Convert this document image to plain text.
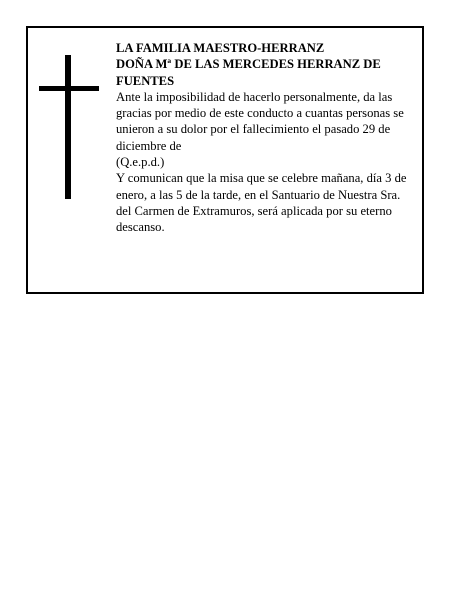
LA FAMILIA MAESTRO-HERRANZ

DOÑA Mª DE LAS MERCEDES HERRANZ DE FUENTES

Ante la imposibilidad de hacerlo personalmente, da las gracias por medio de este conducto a cuantas personas se unieron a su dolor por el fallecimiento el pasado 29 de diciembre de

(Q.e.p.d.)

Y comunican que la misa que se celebre mañana, día 3 de enero, a las 5 de la tarde, en el Santuario de Nuestra Sra. del Carmen de Extramuros, será aplicada por su eterno descanso.
